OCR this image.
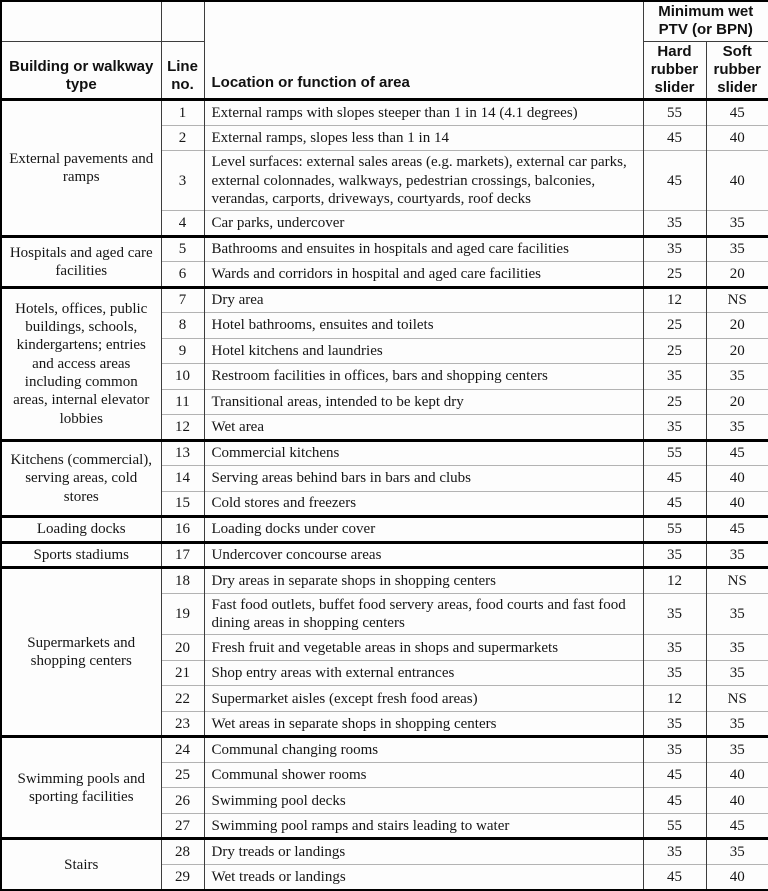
		Location or function of area	Minimum wet PTV (or BPN)	
Building or walkway type	Line no.		Hard rubber slider	Soft rubber slider
External pavements and ramps	1	External ramps with slopes steeper than 1 in 14 (4.1 degrees)	55	45
	2	External ramps, slopes less than 1 in 14	45	40
	3	Level surfaces: external sales areas (e.g. markets), external car parks, external colonnades, walkways, pedestrian crossings, balconies, verandas, carports, driveways, courtyards, roof decks	45	40
	4	Car parks, undercover	35	35
Hospitals and aged care facilities	5	Bathrooms and ensuites in hospitals and aged care facilities	35	35
	6	Wards and corridors in hospital and aged care facilities	25	20
Hotels, offices, public buildings, schools, kindergartens; entries and access areas including common areas, internal elevator lobbies	7	Dry area	12	NS
	8	Hotel bathrooms, ensuites and toilets	25	20
	9	Hotel kitchens and laundries	25	20
	10	Restroom facilities in offices, bars and shopping centers	35	35
	11	Transitional areas, intended to be kept dry	25	20
	12	Wet area	35	35
Kitchens (commercial), serving areas, cold stores	13	Commercial kitchens	55	45
	14	Serving areas behind bars in bars and clubs	45	40
	15	Cold stores and freezers	45	40
Loading docks	16	Loading docks under cover	55	45
Sports stadiums	17	Undercover concourse areas	35	35
Supermarkets and shopping centers	18	Dry areas in separate shops in shopping centers	12	NS
	19	Fast food outlets, buffet food servery areas, food courts and fast food dining areas in shopping centers	35	35
	20	Fresh fruit and vegetable areas in shops and supermarkets	35	35
	21	Shop entry areas with external entrances	35	35
	22	Supermarket aisles (except fresh food areas)	12	NS
	23	Wet areas in separate shops in shopping centers	35	35
Swimming pools and sporting facilities	24	Communal changing rooms	35	35
	25	Communal shower rooms	45	40
	26	Swimming pool decks	45	40
	27	Swimming pool ramps and stairs leading to water	55	45
Stairs	28	Dry treads or landings	35	35
	29	Wet treads or landings	45	40
